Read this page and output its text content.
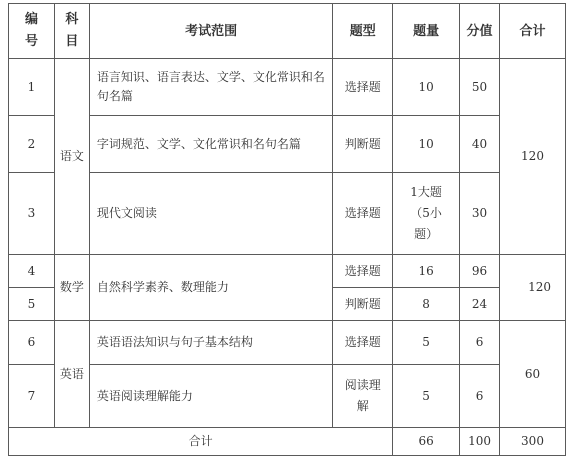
编
号	科
目	考试范围	题型	题量	分值	合计
1	语文	语言知识、语言表达、文学、文化常识和名句名篇	选择题	10	50	120
2		字词规范、文学、文化常识和名句名篇	判断题	10	40	
3		现代文阅读	选择题	1大题
（5小
题）	30	
4	数学	自然科学素养、数理能力	选择题	16	96	120
5			判断题	8	24	
6	英语	英语语法知识与句子基本结构	选择题	5	6	60
7		英语阅读理解能力	阅读理
解	5	6	
合计				66	100	300
